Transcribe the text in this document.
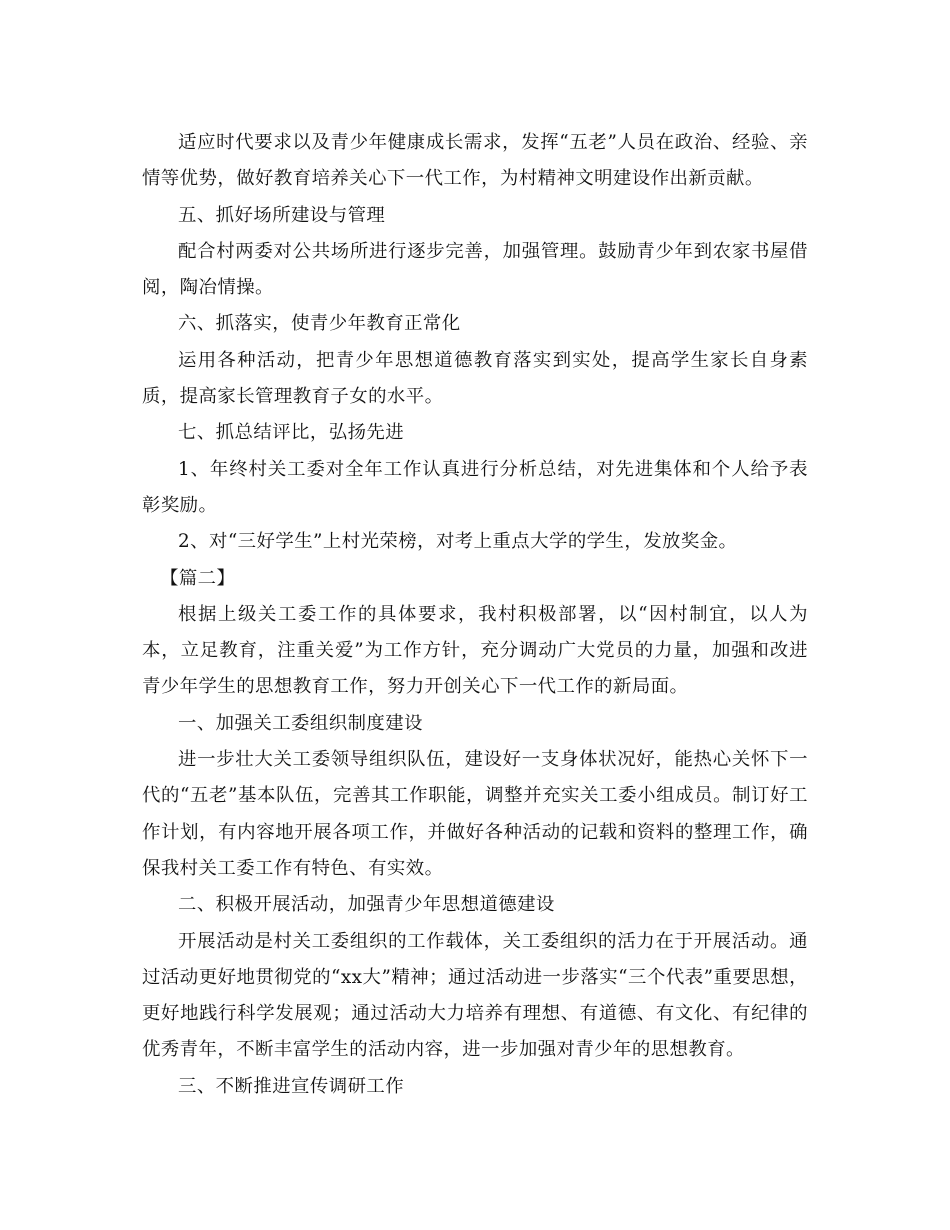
适应时代要求以及青少年健康成长需求，发挥“五老”人员在政治、经验、亲情等优势，做好教育培养关心下一代工作，为村精神文明建设作出新贡献。

五、抓好场所建设与管理

配合村两委对公共场所进行逐步完善，加强管理。鼓励青少年到农家书屋借阅，陶冶情操。

六、抓落实，使青少年教育正常化

运用各种活动，把青少年思想道德教育落实到实处，提高学生家长自身素质，提高家长管理教育子女的水平。

七、抓总结评比，弘扬先进

1、年终村关工委对全年工作认真进行分析总结，对先进集体和个人给予表彰奖励。

2、对“三好学生”上村光荣榜，对考上重点大学的学生，发放奖金。

【篇二】

根据上级关工委工作的具体要求，我村积极部署，以“因村制宜，以人为本，立足教育，注重关爱”为工作方针，充分调动广大党员的力量，加强和改进青少年学生的思想教育工作，努力开创关心下一代工作的新局面。

一、加强关工委组织制度建设

进一步壮大关工委领导组织队伍，建设好一支身体状况好，能热心关怀下一代的“五老”基本队伍，完善其工作职能，调整并充实关工委小组成员。制订好工作计划，有内容地开展各项工作，并做好各种活动的记载和资料的整理工作，确保我村关工委工作有特色、有实效。

二、积极开展活动，加强青少年思想道德建设

开展活动是村关工委组织的工作载体，关工委组织的活力在于开展活动。通过活动更好地贯彻党的“xx大”精神；通过活动进一步落实“三个代表”重要思想，更好地践行科学发展观；通过活动大力培养有理想、有道德、有文化、有纪律的优秀青年，不断丰富学生的活动内容，进一步加强对青少年的思想教育。

三、不断推进宣传调研工作
